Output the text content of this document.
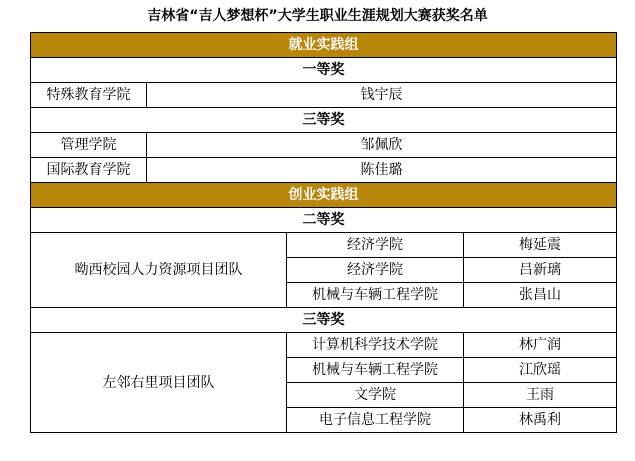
吉林省“吉人梦想杯”大学生职业生涯规划大赛获奖名单
就业实践组			
一等奖			
特殊教育学院	钱宇辰		
三等奖			
管理学院	邹佩欣		
国际教育学院	陈佳璐		
创业实践组			
二等奖			
呦西校园人力资源项目团队		经济学院	梅延震
		经济学院	吕新璃
		机械与车辆工程学院	张昌山
三等奖			
左邻右里项目团队		计算机科学技术学院	林广润
		机械与车辆工程学院	江欣瑶
		文学院	王雨
		电子信息工程学院	林禹利
